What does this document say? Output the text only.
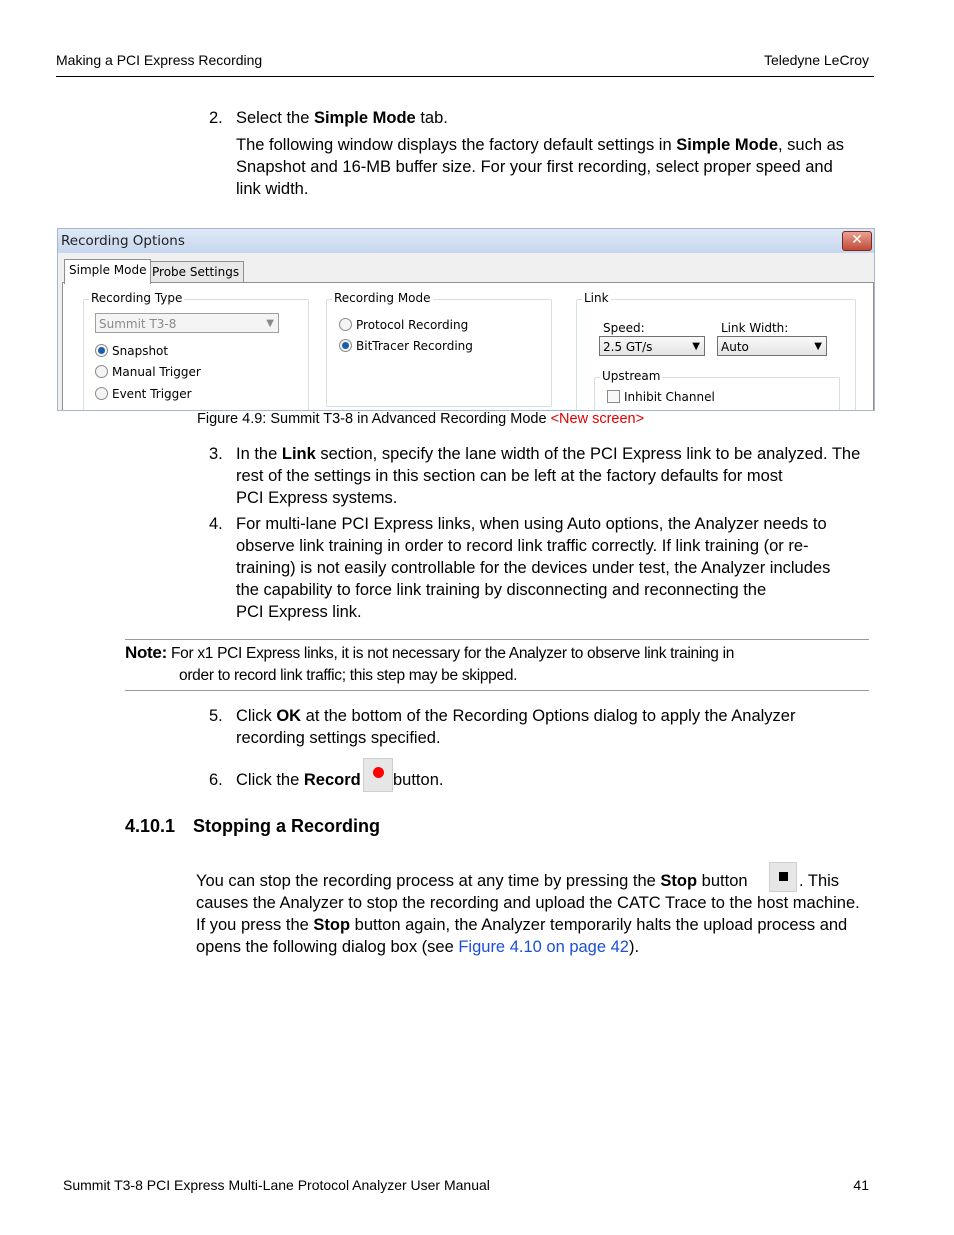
Making a PCI Express Recording	Teledyne LeCroy
2. Select the Simple Mode tab.
The following window displays the factory default settings in Simple Mode, such as
Snapshot and 16-MB buffer size. For your first recording, select proper speed and
link width.
Recording Options	✕
Simple Mode Probe Settings
Recording Type
Summit T3-8	▼
Snapshot
Manual Trigger
Event Trigger
Recording Mode
Protocol Recording
BitTracer Recording
Link
Speed:
2.5 GT/s	▼
Link Width:
Auto	▼
Upstream
Inhibit Channel
Figure 4.9: Summit T3-8 in Advanced Recording Mode <New screen>
3. In the Link section, specify the lane width of the PCI Express link to be analyzed. The
rest of the settings in this section can be left at the factory defaults for most
PCI Express systems.
4. For multi-lane PCI Express links, when using Auto options, the Analyzer needs to
observe link training in order to record link traffic correctly. If link training (or re-
training) is not easily controllable for the devices under test, the Analyzer includes
the capability to force link training by disconnecting and reconnecting the
PCI Express link.
Note: For x1 PCI Express links, it is not necessary for the Analyzer to observe link training in
order to record link traffic; this step may be skipped.
5. Click OK at the bottom of the Recording Options dialog to apply the Analyzer
recording settings specified.
6. Click the Record button.
4.10.1 Stopping a Recording
You can stop the recording process at any time by pressing the Stop button	. This
causes the Analyzer to stop the recording and upload the CATC Trace to the host machine.
If you press the Stop button again, the Analyzer temporarily halts the upload process and
opens the following dialog box (see Figure 4.10 on page 42).
Summit T3-8 PCI Express Multi-Lane Protocol Analyzer User Manual	41
